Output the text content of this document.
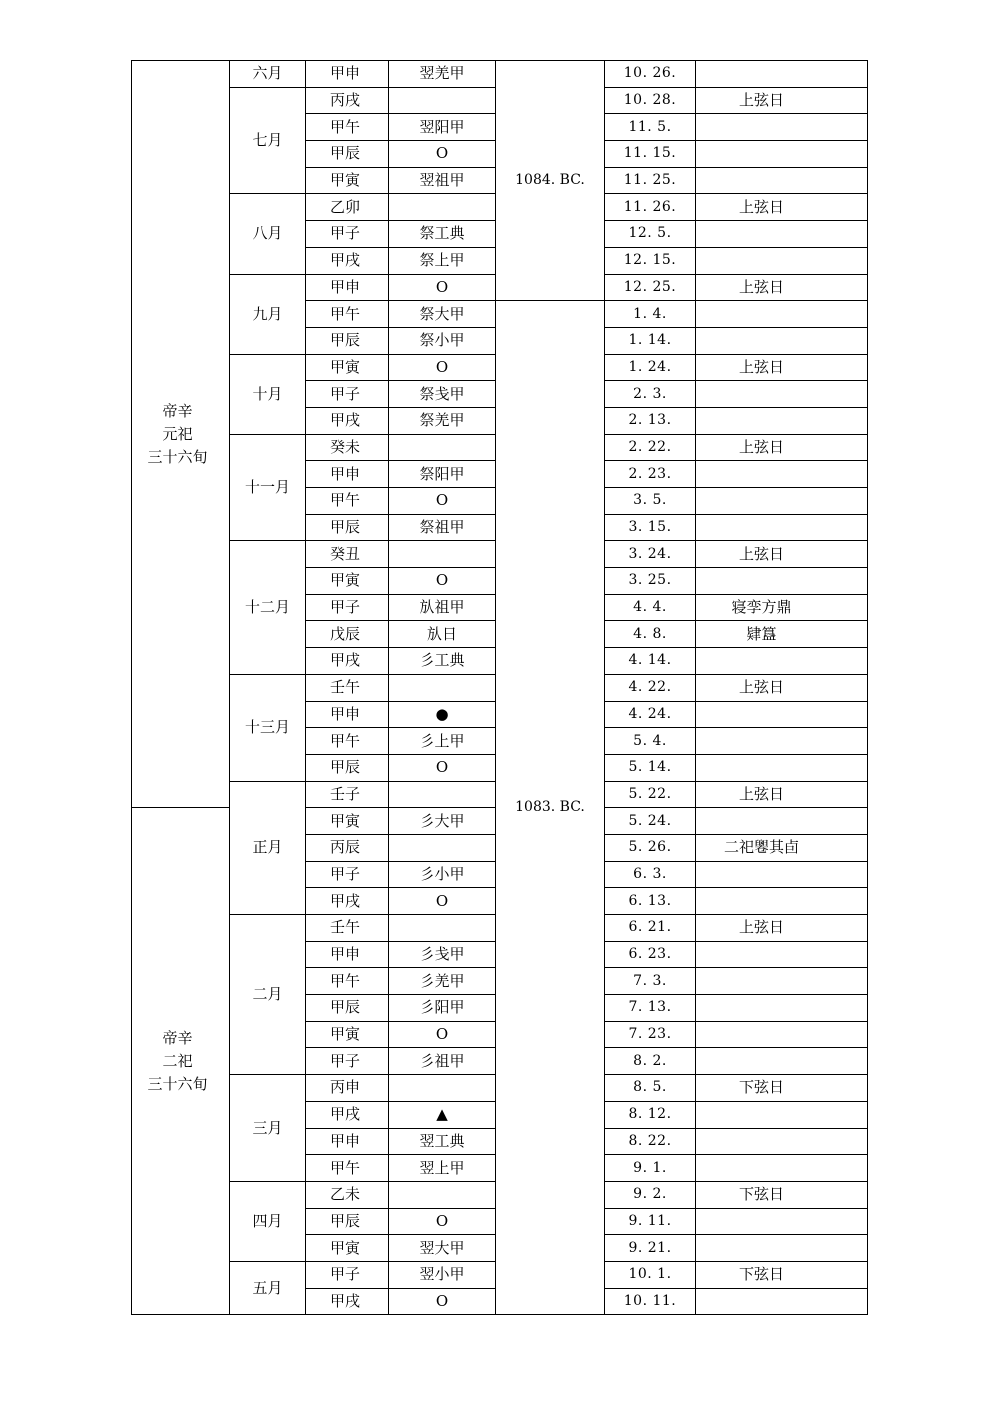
帝辛
元祀
三十六旬	六月	甲申	翌羌甲	1084. BC.	10. 26.	
	七月	丙戌			10. 28.	上弦日
		甲午	翌阳甲		11. 5.	
		甲辰	O		11. 15.	
		甲寅	翌祖甲		11. 25.	
	八月	乙卯			11. 26.	上弦日
		甲子	祭工典		12. 5.	
		甲戌	祭上甲		12. 15.	
	九月	甲申	O		12. 25.	上弦日
		甲午	祭大甲	1083. BC.	1. 4.	
		甲辰	祭小甲		1. 14.	
	十月	甲寅	O		1. 24.	上弦日
		甲子	祭戋甲		2. 3.	
		甲戌	祭羌甲		2. 13.	
	十一月	癸未			2. 22.	上弦日
		甲申	祭阳甲		2. 23.	
		甲午	O		3. 5.	
		甲辰	祭祖甲		3. 15.	
	十二月	癸丑			3. 24.	上弦日
		甲寅	O		3. 25.	
		甲子	㫃祖甲		4. 4.	寝孪方鼎
		戊辰	㫃日		4. 8.	肄簋
		甲戌	彡工典		4. 14.	
	十三月	壬午			4. 22.	上弦日
		甲申	●		4. 24.	
		甲午	彡上甲		5. 4.	
		甲辰	O		5. 14.	
	正月	壬子			5. 22.	上弦日

帝辛
二祀
三十六旬		甲寅	彡大甲		5. 24.	
		丙辰			5. 26.	二祀𠨧其卣
		甲子	彡小甲		6. 3.	
		甲戌	O		6. 13.	
	二月	壬午			6. 21.	上弦日
		甲申	彡戋甲		6. 23.	
		甲午	彡羌甲		7. 3.	
		甲辰	彡阳甲		7. 13.	
		甲寅	O		7. 23.	
		甲子	彡祖甲		8. 2.	
	三月	丙申			8. 5.	下弦日
		甲戌	▲		8. 12.	
		甲申	翌工典		8. 22.	
		甲午	翌上甲		9. 1.	
	四月	乙未			9. 2.	下弦日
		甲辰	O		9. 11.	
		甲寅	翌大甲		9. 21.	
	五月	甲子	翌小甲		10. 1.	下弦日
		甲戌	O		10. 11.	
